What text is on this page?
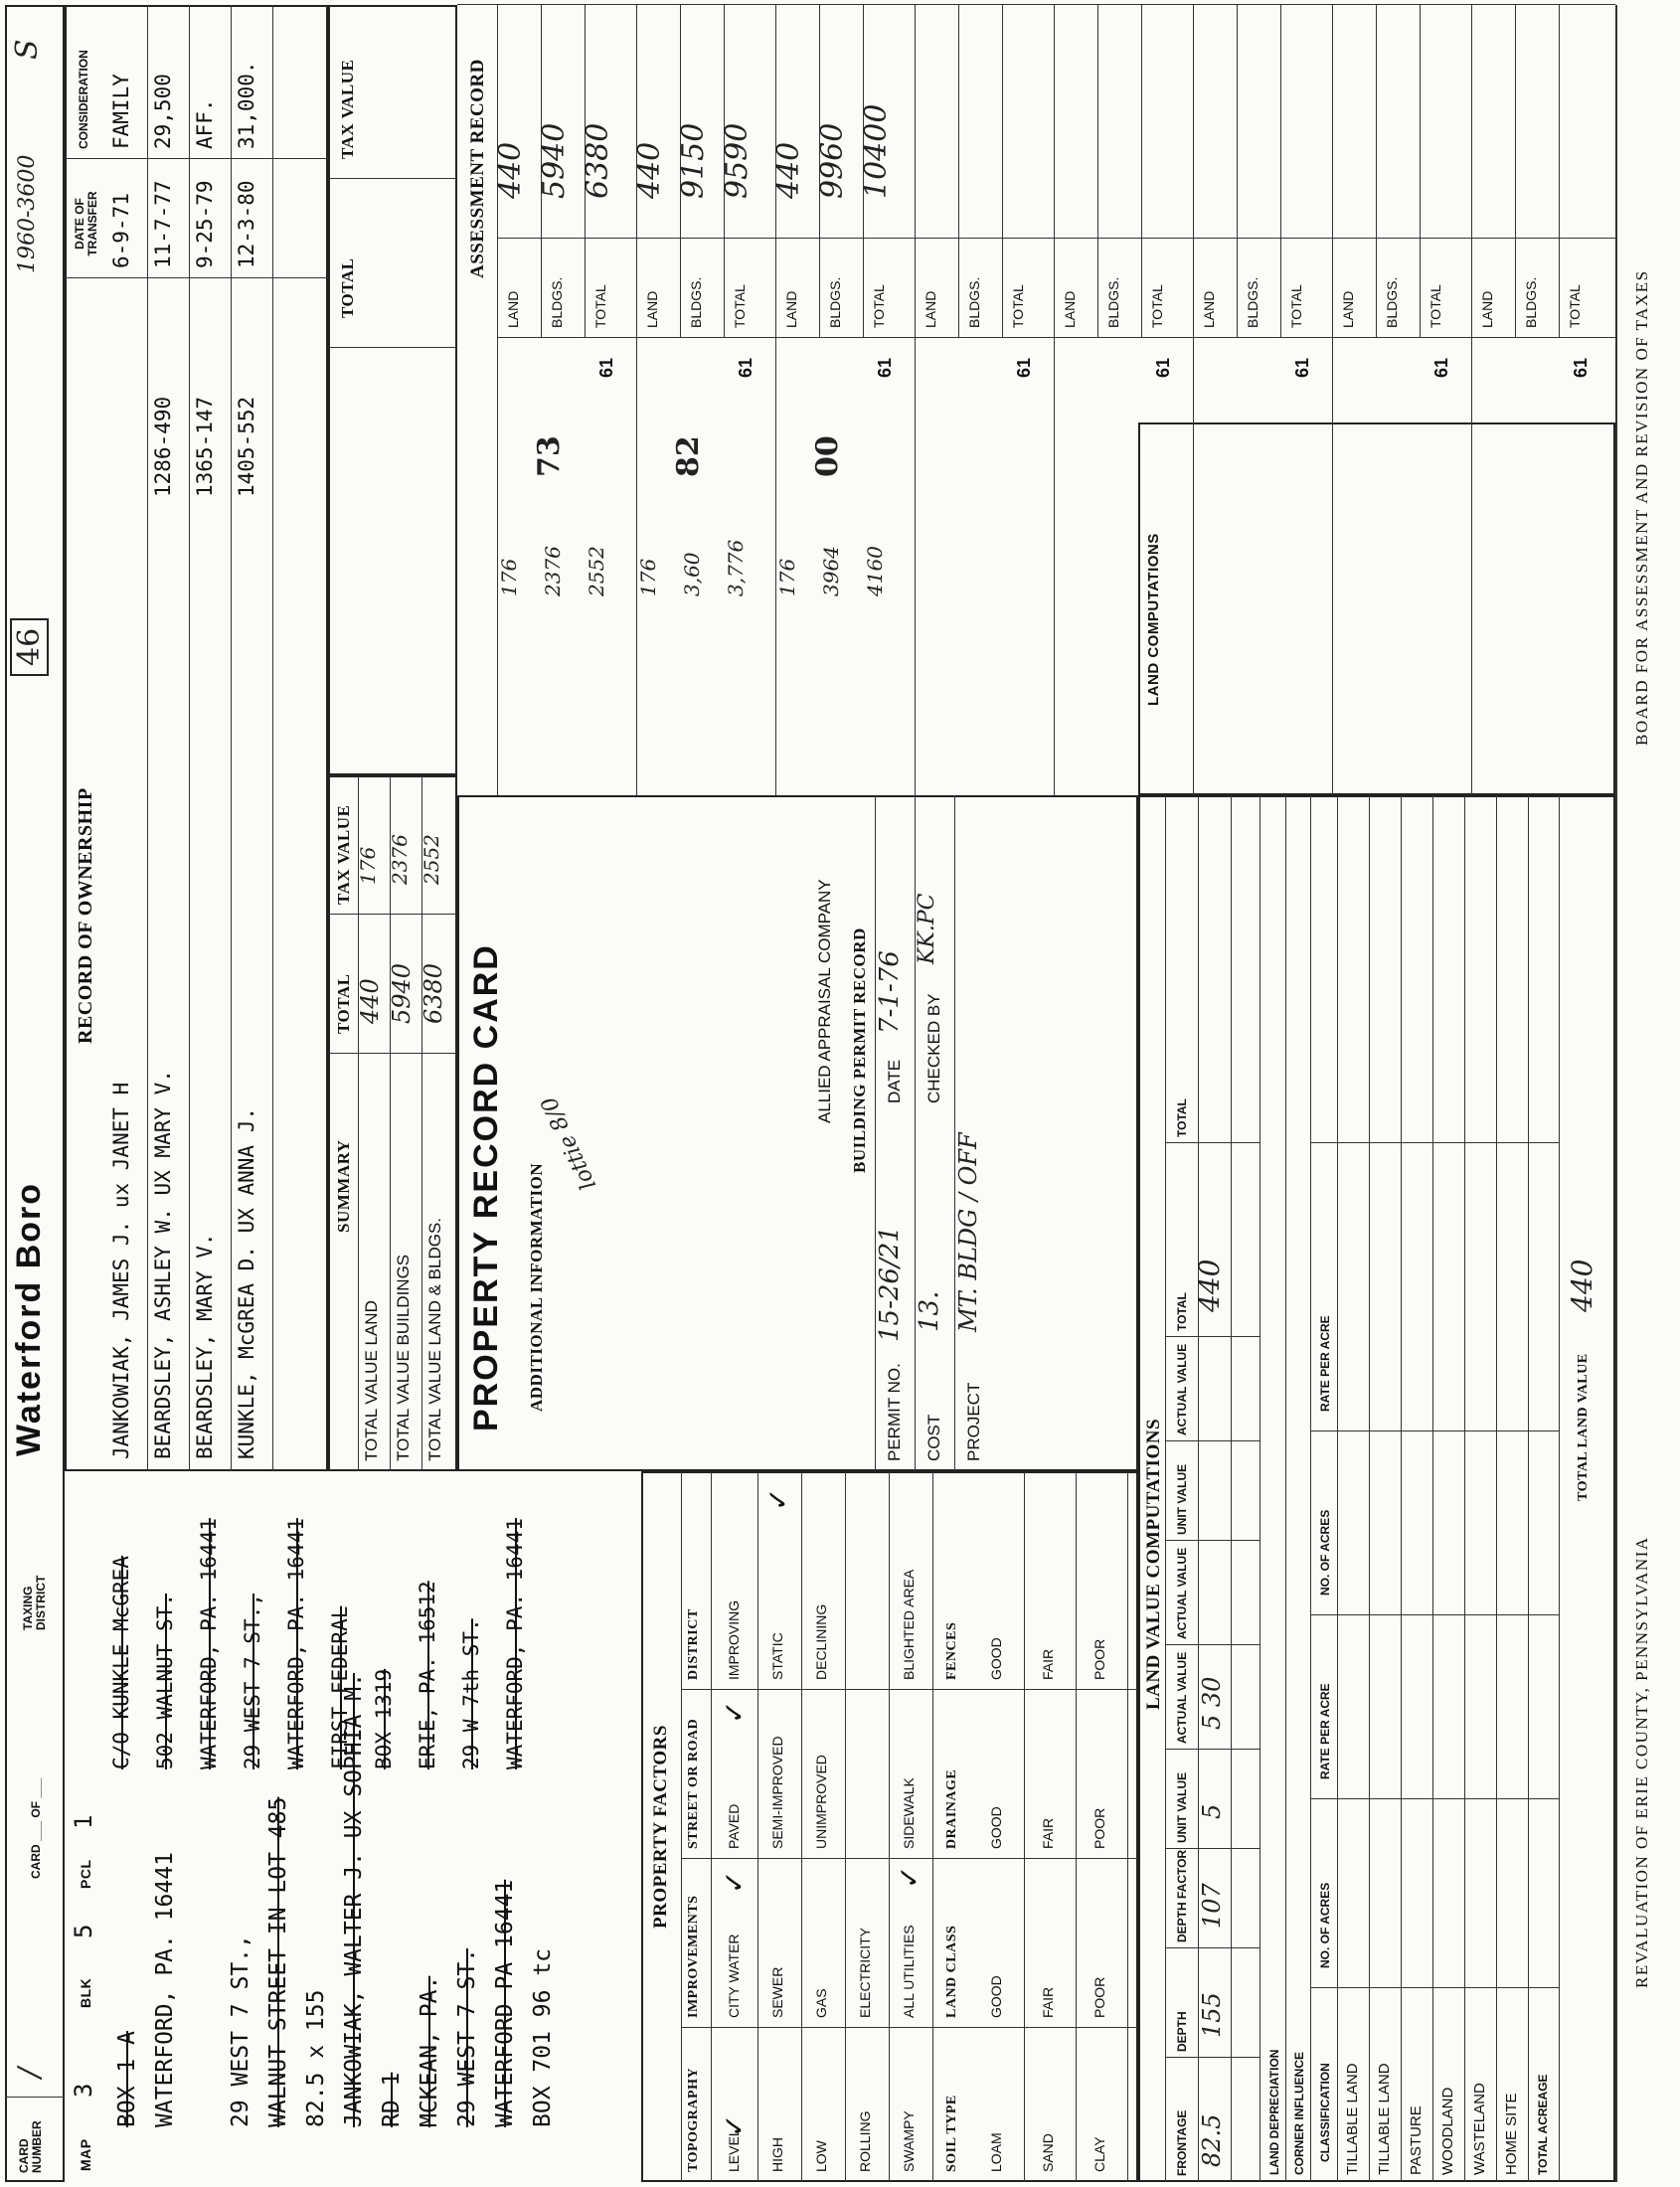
CARD NUMBER
/
CARD ___ OF ___
TAXING DISTRICT
Waterford Boro
1960-3600
S
MAP
3
BLK
5
PCL
1
46
RECORD OF OWNERSHIP
DATE OF TRANSFER
CONSIDERATION
SUMMARY
TOTAL
TAX VALUE
TOTAL
TAX VALUE
PROPERTY RECORD CARD ADDITIONAL INFORMATION
lottie 8/0
ALLIED APPRAISAL COMPANY BUILDING PERMIT RECORD
PERMIT NO.
15-26/21
DATE
7-1-76
COST
13.
CHECKED BY
KK.PC
PROJECT
MT. BLDG / OFF
PROPERTY FACTORS
LAND VALUE COMPUTATIONS
LAND COMPUTATIONS
ASSESSMENT RECORD
REVALUATION OF ERIE COUNTY, PENNSYLVANIA
BOARD FOR ASSESSMENT AND REVISION OF TAXES
BOX 1 A WATERFORD, PA. 16441 29 WEST 7 ST., WALNUT STREET IN LOT 485 82.5 x 155 JANKOWIAK, WALTER J. UX SOPHIA M. RD 1 MCKEAN, PA. 29 WEST 7 ST. WATERFORD PA 16441 BOX 701 96 tc
C/O KUNKLE McGREA 502 WALNUT ST. WATERFORD, PA. 16441 29 WEST 7 ST., WATERFORD, PA. 16441 FIRST FEDERAL BOX 1319 ERIE, PA. 16512 29 W 7th ST. WATERFORD, PA. 16441
JANKOWIAK, JAMES J. ux JANET H
6-9-71
FAMILY
BEARDSLEY, ASHLEY W. UX MARY V.
1286-490
11-7-77
29,500
BEARDSLEY, MARY V.
1365-147
9-25-79
AFF.
KUNKLE, McGREA D. UX ANNA J.
1405-552
12-3-80
31,000.
TOTAL VALUE LAND
440
176
TOTAL VALUE BUILDINGS
5940
2376
TOTAL VALUE LAND & BLDGS.
6380
2552
TOPOGRAPHY
IMPROVEMENTS
STREET OR ROAD
DISTRICT
LEVEL
CITY WATER
PAVED
IMPROVING
HIGH
SEWER
SEMI-IMPROVED
STATIC
LOW
GAS
UNIMPROVED
DECLINING
ROLLING
ELECTRICITY
SWAMPY
ALL UTILITIES
SIDEWALK
BLIGHTED AREA
SOIL TYPE
LAND CLASS
DRAINAGE
FENCES
LOAM
GOOD
GOOD
GOOD
SAND
FAIR
FAIR
FAIR
CLAY
POOR
POOR
POOR
✓
✓
✓
✓
✓
FRONTAGE
DEPTH
DEPTH FACTOR
UNIT VALUE
ACTUAL VALUE
ACTUAL VALUE
UNIT VALUE
ACTUAL VALUE
TOTAL
TOTAL
82.5
155
107
5
5 30
440
LAND DEPRECIATION CORNER INFLUENCE CLASSIFICATION
NO. OF ACRES
RATE PER ACRE
NO. OF ACRES
RATE PER ACRE
TILLABLE LAND TILLABLE LAND PASTURE WOODLAND WASTELAND HOME SITE TOTAL ACREAGE
TOTAL LAND VALUE
440
73
61
LAND
176
440
BLDGS.
2376
5940
TOTAL
2552
6380
82
61
LAND
176
440
BLDGS.
3,60
9150
TOTAL
3,776
9590
00
61
LAND
176
440
BLDGS.
3964
9960
TOTAL
4160
10400
61
LAND BLDGS. TOTAL
61
LAND BLDGS. TOTAL
61
LAND BLDGS. TOTAL
61
LAND BLDGS. TOTAL
61
LAND BLDGS. TOTAL
